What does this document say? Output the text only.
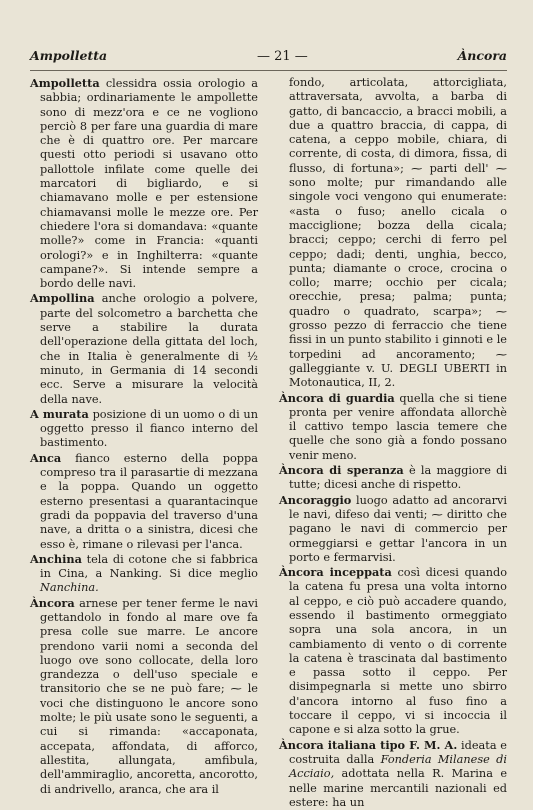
Ampolletta	— 21 —	Àncora

Ampolletta clessidra ossia orologio a sabbia; ordinariamente le ampollette sono di mezz'ora e ce ne vogliono perciò 8 per fare una guardia di mare che è di quattro ore. Per marcare questi otto periodi si usavano otto pallottole infilate come quelle dei marcatori di bigliardo, e si chiamavano molle e per estensione chiamavansi molle le mezze ore. Per chiedere l'ora si domandava: «quante molle?» come in Francia: «quanti orologi?» e in Inghilterra: «quante campane?». Si intende sempre a bordo delle navi.

Ampollina anche orologio a polvere, parte del solcometro a barchetta che serve a stabilire la durata dell'operazione della gittata del loch, che in Italia è generalmente di ½ minuto, in Germania di 14 secondi ecc. Serve a misurare la velocità della nave.

A murata posizione di un uomo o di un oggetto presso il fianco interno del bastimento.

Anca fianco esterno della poppa compreso tra il parasartie di mezzana e la poppa. Quando un oggetto esterno presentasi a quarantacinque gradi da poppavia del traverso d'una nave, a dritta o a sinistra, dicesi che esso è, rimane o rilevasi per l'anca.

Anchina tela di cotone che si fabbrica in Cina, a Nanking. Si dice meglio Nanchina.

Àncora arnese per tener ferme le navi gettandolo in fondo al mare ove fa presa colle sue marre. Le ancore prendono varii nomi a seconda del luogo ove sono collocate, della loro grandezza o dell'uso speciale e transitorio che se ne può fare; ⁓ le voci che distinguono le ancore sono molte; le più usate sono le seguenti, a cui si rimanda: «accaponata, accepata, affondata, di afforco, allestita, allungata, amfibula, dell'ammiraglio, ancoretta, ancorotto, di andrivello, aranca, che ara il

fondo, articolata, attorcigliata, attraversata, avvolta, a barba di gatto, di bancaccio, a bracci mobili, a due a quattro braccia, di cappa, di catena, a ceppo mobile, chiara, di corrente, di costa, di dimora, fissa, di flusso, di fortuna»; ⁓ parti dell' ⁓ sono molte; pur rimandando alle singole voci vengono qui enumerate: «asta o fuso; anello cicala o macciglione; bozza della cicala; bracci; ceppo; cerchi di ferro pel ceppo; dadi; denti, unghia, becco, punta; diamante o croce, crocina o collo; marre; occhio per cicala; orecchie, presa; palma; punta; quadro o quadrato, scarpa»; ⁓ grosso pezzo di ferraccio che tiene fissi in un punto stabilito i ginnoti e le torpedini ad ancoramento; ⁓ galleggiante v. U. DEGLI UBERTI in Motonautica, II, 2.

Àncora di guardia quella che si tiene pronta per venire affondata allorchè il cattivo tempo lascia temere che quelle che sono già a fondo possano venir meno.

Àncora di speranza è la maggiore di tutte; dicesi anche di rispetto.

Ancoraggio luogo adatto ad ancorarvi le navi, difeso dai venti; ⁓ diritto che pagano le navi di commercio per ormeggiarsi e gettar l'ancora in un porto e fermarvisi.

Àncora inceppata così dicesi quando la catena fu presa una volta intorno al ceppo, e ciò può accadere quando, essendo il bastimento ormeggiato sopra una sola ancora, in un cambiamento di vento o di corrente la catena è trascinata dal bastimento e passa sotto il ceppo. Per disimpegnarla si mette uno sbirro d'ancora intorno al fuso fino a toccare il ceppo, vi si incoccia il capone e si alza sotto la grue.

Àncora italiana tipo F. M. A. ideata e costruita dalla Fonderia Milanese di Acciaio, adottata nella R. Marina e nelle marine mercantili nazionali ed estere: ha un
